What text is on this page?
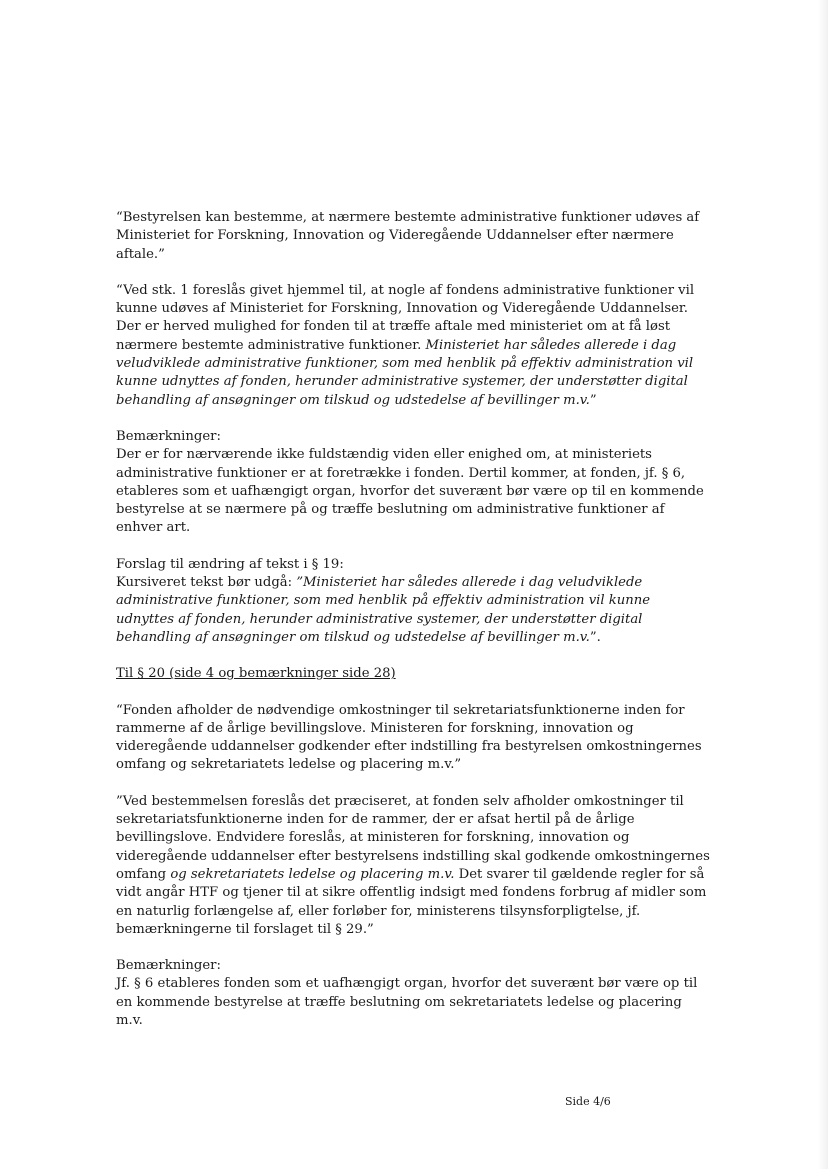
“Bestyrelsen kan bestemme, at nærmere bestemte administrative funktioner udøves af Ministeriet for Forskning, Innovation og Videregående Uddannelser efter nærmere aftale.”

“Ved stk. 1 foreslås givet hjemmel til, at nogle af fondens administrative funktioner vil kunne udøves af Ministeriet for Forskning, Innovation og Videregående Uddannelser. Der er herved mulighed for fonden til at træffe aftale med ministeriet om at få løst nærmere bestemte administrative funktioner. Ministeriet har således allerede i dag veludviklede administrative funktioner, som med henblik på effektiv administration vil kunne udnyttes af fonden, herunder administrative systemer, der understøtter digital behandling af ansøgninger om tilskud og udstedelse af bevillinger m.v.”

Bemærkninger:
Der er for nærværende ikke fuldstændig viden eller enighed om, at ministeriets administrative funktioner er at foretrække i fonden. Dertil kommer, at fonden, jf. § 6, etableres som et uafhængigt organ, hvorfor det suverænt bør være op til en kommende bestyrelse at se nærmere på og træffe beslutning om administrative funktioner af enhver art.

Forslag til ændring af tekst i § 19:
Kursiveret tekst bør udgå: ”Ministeriet har således allerede i dag veludviklede administrative funktioner, som med henblik på effektiv administration vil kunne udnyttes af fonden, herunder administrative systemer, der understøtter digital behandling af ansøgninger om tilskud og udstedelse af bevillinger m.v.”.

Til § 20 (side 4 og bemærkninger side 28)

“Fonden afholder de nødvendige omkostninger til sekretariatsfunktionerne inden for rammerne af de årlige bevillingslove. Ministeren for forskning, innovation og videregående uddannelser godkender efter indstilling fra bestyrelsen omkostningernes omfang og sekretariatets ledelse og placering m.v.”

”Ved bestemmelsen foreslås det præciseret, at fonden selv afholder omkostninger til sekretariatsfunktionerne inden for de rammer, der er afsat hertil på de årlige bevillingslove. Endvidere foreslås, at ministeren for forskning, innovation og videregående uddannelser efter bestyrelsens indstilling skal godkende omkostningernes omfang og sekretariatets ledelse og placering m.v. Det svarer til gældende regler for så vidt angår HTF og tjener til at sikre offentlig indsigt med fondens forbrug af midler som en naturlig forlængelse af, eller forløber for, ministerens tilsynsforpligtelse, jf. bemærkningerne til forslaget til § 29.”

Bemærkninger:
Jf. § 6 etableres fonden som et uafhængigt organ, hvorfor det suverænt bør være op til en kommende bestyrelse at træffe beslutning om sekretariatets ledelse og placering m.v.

Side 4/6
